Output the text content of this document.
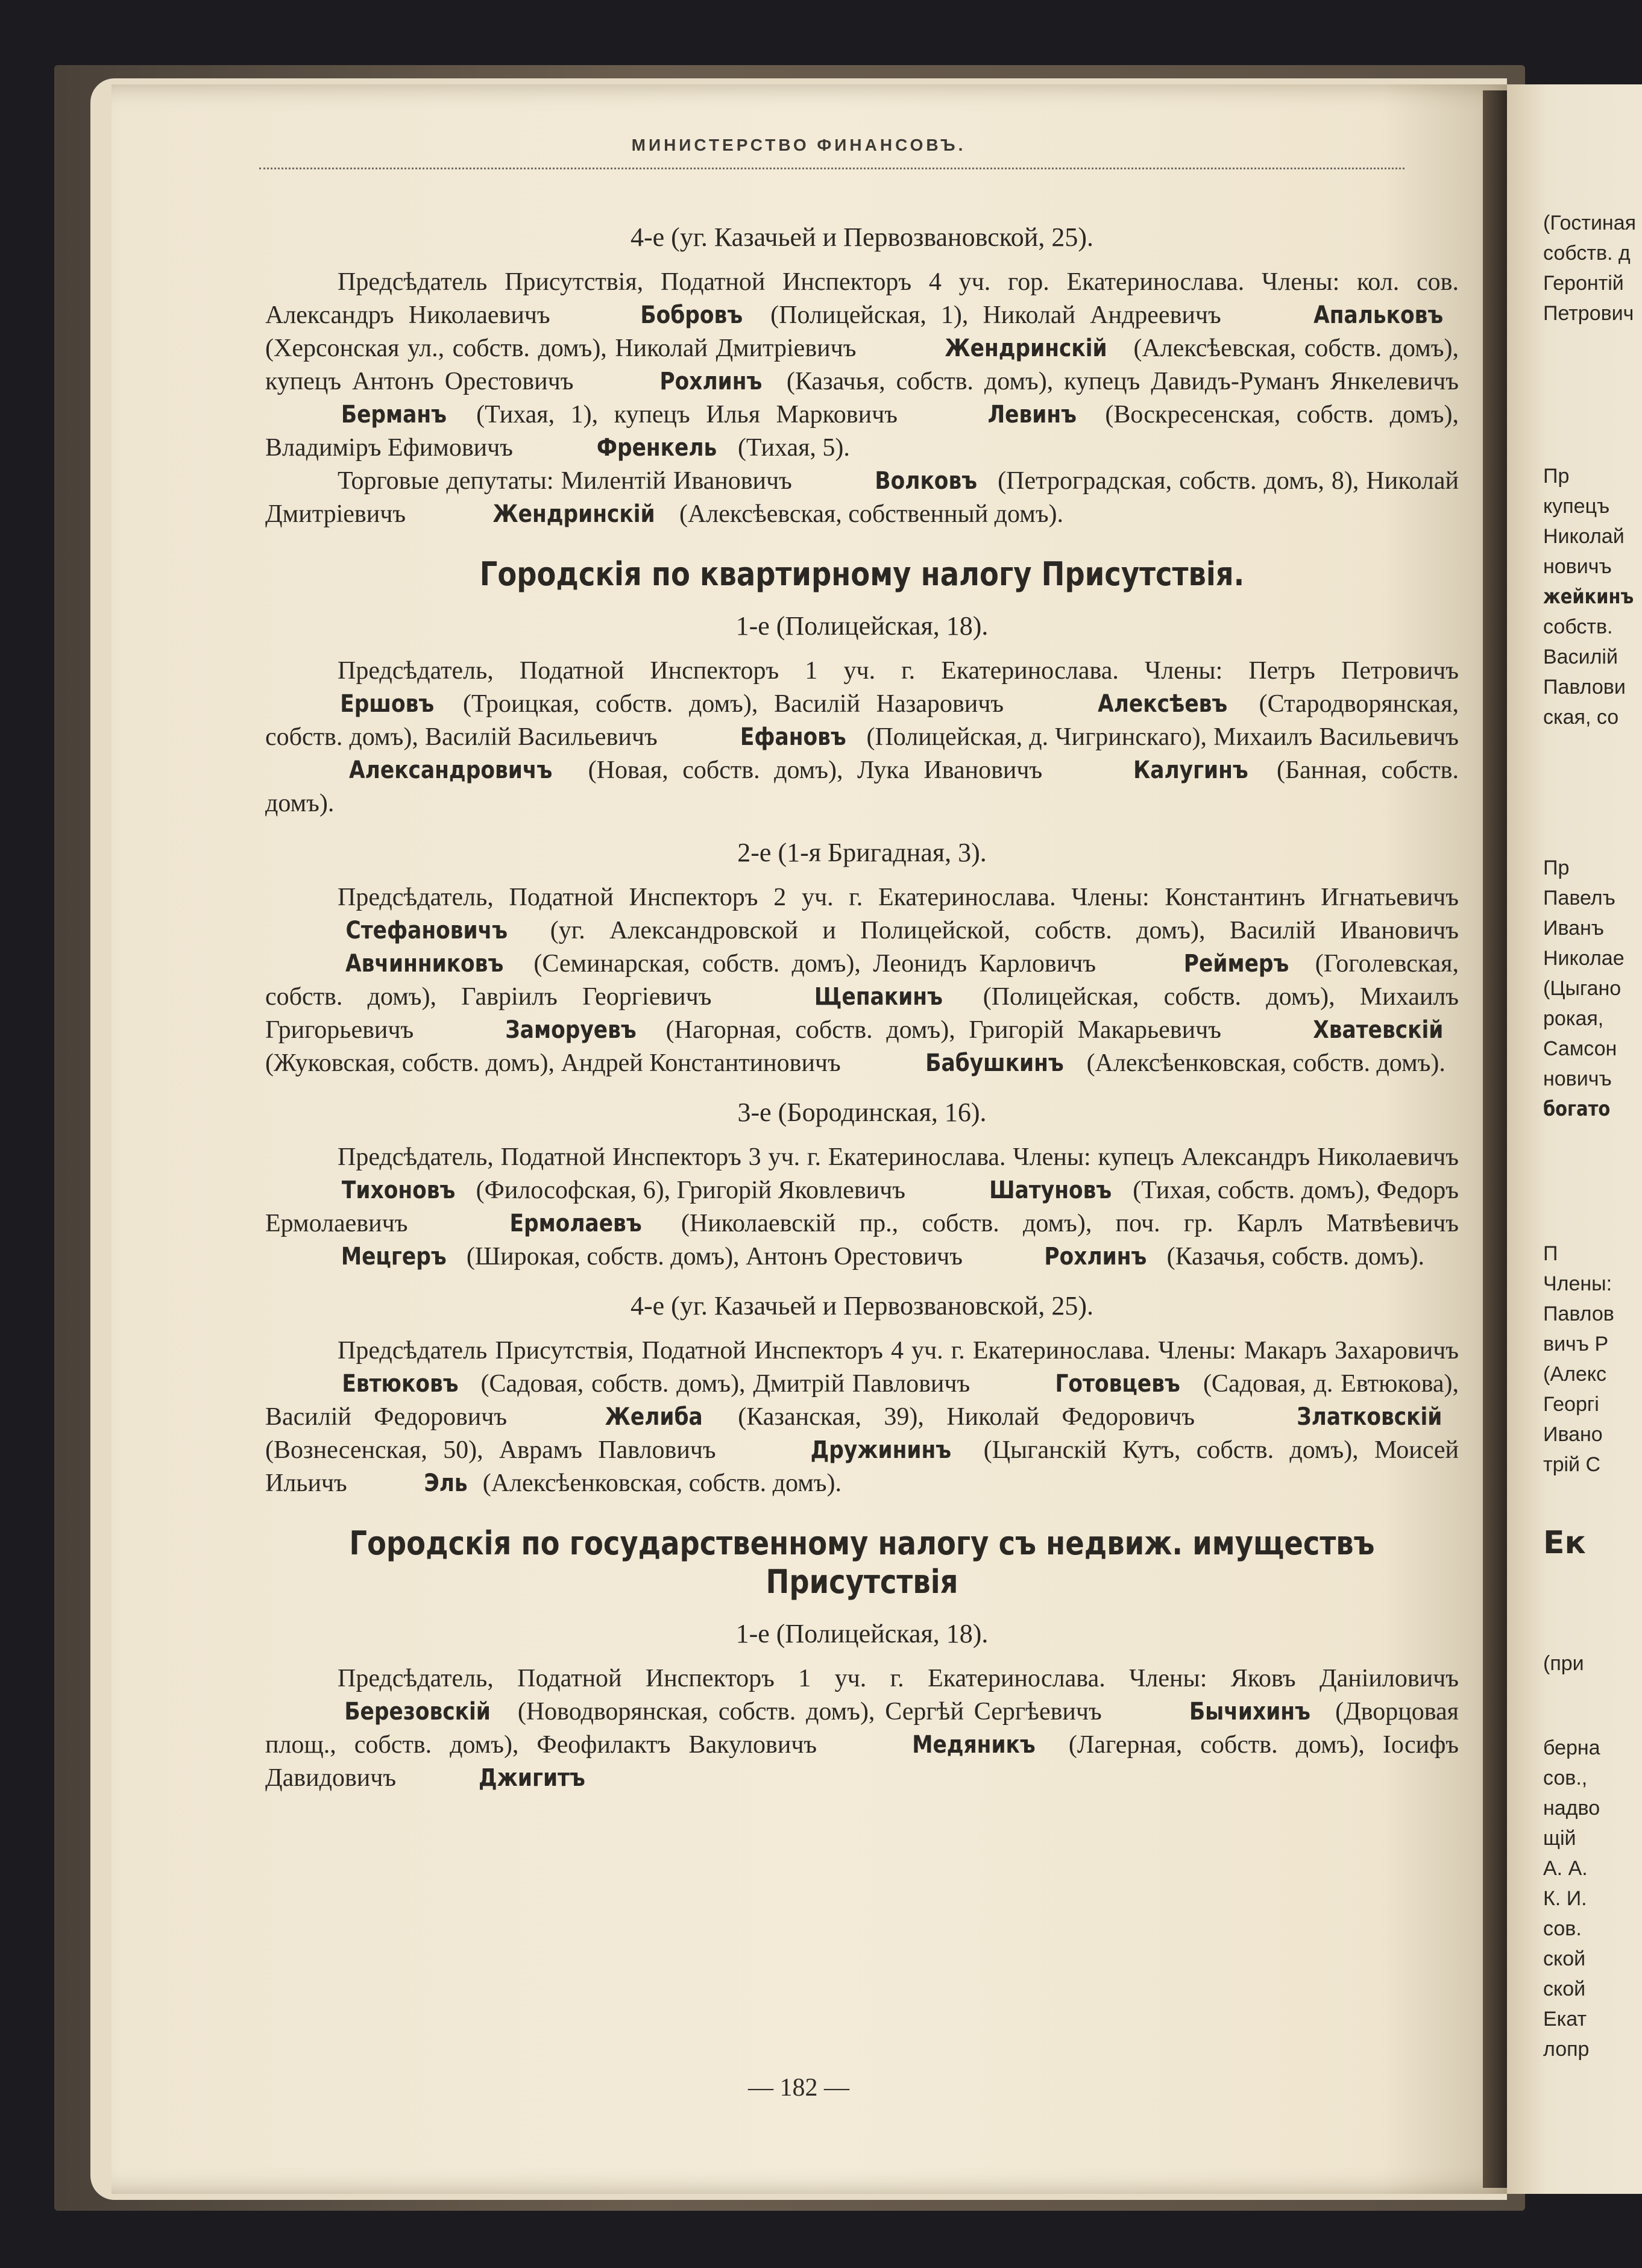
(Гостиная
собств. д
Геронтій
Петрович
Пр
купецъ
Николай
новичъ
жейкинъ
собств.
Василій
Павлови
ская, со
Пр
Павелъ
Иванъ
Николае
(Цыгано
рокая,
Самсон
новичъ
богато
П
Члены:
Павлов
вичъ Р
(Алекс
Георгі
Ивано
трій С
Ек
(при
берна
сов.,
надво
щій
А. А.
К. И.
сов.
ской
ской
Екат
лопр
МИНИСТЕРСТВО ФИНАНСОВЪ.
4-е (уг. Казачьей и Первозвановской, 25).

Предсѣдатель Присутствія, Податной Инспекторъ 4 уч. гор. Екатеринослава. Члены: кол. сов. Александръ Николаевичъ	Бобровъ (Полицейская, 1), Николай Андреевичъ	Апальковъ (Херсонская ул., собств. домъ), Николай Дмитріевичъ	Жендринскій (Алексѣевская, собств. домъ), купецъ Антонъ Орестовичъ	Рохлинъ (Казачья, собств. домъ), купецъ Давидъ-Руманъ Янкелевичъ Берманъ (Тихая, 1), купецъ Илья Марковичъ	Левинъ (Воскресенская, собств. домъ), Владиміръ Ефимовичъ	Френкель (Тихая, 5).

Торговые депутаты: Милентій Ивановичъ	Волковъ (Петроградская, собств. домъ, 8), Николай Дмитріевичъ	Жендринскій (Алексѣевская, собственный домъ).

Городскія по квартирному налогу Присутствія.
1-е (Полицейская, 18).

Предсѣдатель, Податной Инспекторъ 1 уч. г. Екатеринослава. Члены: Петръ Петровичъ Ершовъ (Троицкая, собств. домъ), Василій Назаровичъ	Алексѣевъ (Стародворянская, собств. домъ), Василій Васильевичъ	Ефановъ (Полицейская, д. Чигринскаго), Михаилъ Васильевичъ Александровичъ (Новая, собств. домъ), Лука Ивановичъ	Калугинъ (Банная, собств. домъ).

2-е (1-я Бригадная, 3).

Предсѣдатель, Податной Инспекторъ 2 уч. г. Екатеринослава. Члены: Константинъ Игнатьевичъ Стефановичъ (уг. Александровской и Полицейской, собств. домъ), Василій Ивановичъ Авчинниковъ (Семинарская, собств. домъ), Леонидъ Карловичъ	Реймеръ (Гоголевская, собств. домъ), Гавріилъ Георгіевичъ	Щепакинъ (Полицейская, собств. домъ), Михаилъ Григорьевичъ	Заморуевъ (Нагорная, собств. домъ), Григорій Макарьевичъ	Хватевскій (Жуковская, собств. домъ), Андрей Константиновичъ	Бабушкинъ (Алексѣенковская, собств. домъ).

3-е (Бородинская, 16).

Предсѣдатель, Податной Инспекторъ 3 уч. г. Екатеринослава. Члены: купецъ Александръ Николаевичъ Тихоновъ (Философская, 6), Григорій Яковлевичъ	Шатуновъ (Тихая, собств. домъ), Федоръ Ермолаевичъ	Ермолаевъ (Николаевскій пр., собств. домъ), поч. гр. Карлъ Матвѣевичъ Мецгеръ (Широкая, собств. домъ), Антонъ Орестовичъ	Рохлинъ (Казачья, собств. домъ).

4-е (уг. Казачьей и Первозвановской, 25).

Предсѣдатель Присутствія, Податной Инспекторъ 4 уч. г. Екатеринослава. Члены: Макаръ Захаровичъ Евтюковъ (Садовая, собств. домъ), Дмитрій Павловичъ	Готовцевъ (Садовая, д. Евтюкова), Василій Федоровичъ	Желиба (Казанская, 39), Николай Федоровичъ	Златковскій (Вознесенская, 50), Аврамъ Павловичъ	Дружининъ (Цыганскій Кутъ, собств. домъ), Моисей Ильичъ	Эль (Алексѣенковская, собств. домъ).

Городскія по государственному налогу съ недвиж. имуществъ Присутствія
1-е (Полицейская, 18).

Предсѣдатель, Податной Инспекторъ 1 уч. г. Екатеринослава. Члены: Яковъ Даніиловичъ Березовскій (Новодворянская, собств. домъ), Сергѣй Сергѣевичъ	Бычихинъ (Дворцовая площ., собств. домъ), Феофилактъ Вакуловичъ	Медяникъ (Лагерная, собств. домъ), Іосифъ Давидовичъ	Джигитъ

— 182 —
